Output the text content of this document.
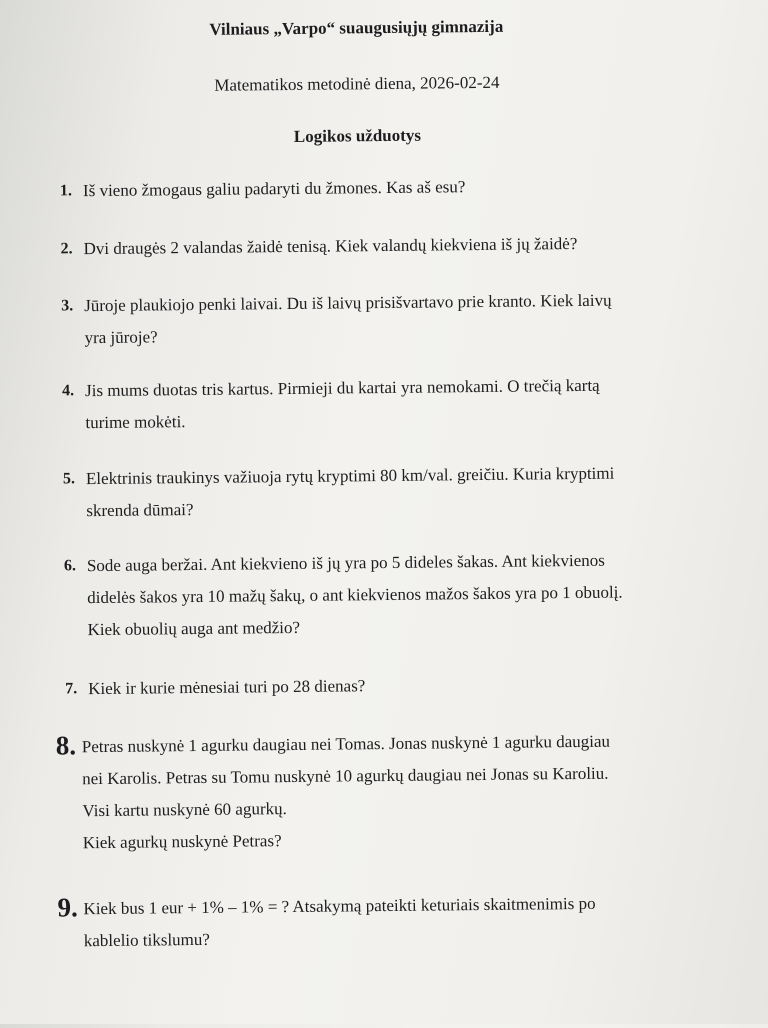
Vilniaus „Varpo“ suaugusiųjų gimnazija
Matematikos metodinė diena, 2026-02-24
Logikos užduotys
1. Iš vieno žmogaus galiu padaryti du žmones. Kas aš esu?
2. Dvi draugės 2 valandas žaidė tenisą. Kiek valandų kiekviena iš jų žaidė?
3. Jūroje plaukiojo penki laivai. Du iš laivų prisišvartavo prie kranto. Kiek laivų
yra jūroje?
4. Jis mums duotas tris kartus. Pirmieji du kartai yra nemokami. O trečią kartą
turime mokėti.
5. Elektrinis traukinys važiuoja rytų kryptimi 80 km/val. greičiu. Kuria kryptimi
skrenda dūmai?
6. Sode auga beržai. Ant kiekvieno iš jų yra po 5 dideles šakas. Ant kiekvienos
didelės šakos yra 10 mažų šakų, o ant kiekvienos mažos šakos yra po 1 obuolį.
Kiek obuolių auga ant medžio?
7. Kiek ir kurie mėnesiai turi po 28 dienas?
8. Petras nuskynė 1 agurku daugiau nei Tomas. Jonas nuskynė 1 agurku daugiau
nei Karolis. Petras su Tomu nuskynė 10 agurkų daugiau nei Jonas su Karoliu.
Visi kartu nuskynė 60 agurkų.
Kiek agurkų nuskynė Petras?
9. Kiek bus 1 eur + 1% – 1% = ? Atsakymą pateikti keturiais skaitmenimis po
kablelio tikslumu?
